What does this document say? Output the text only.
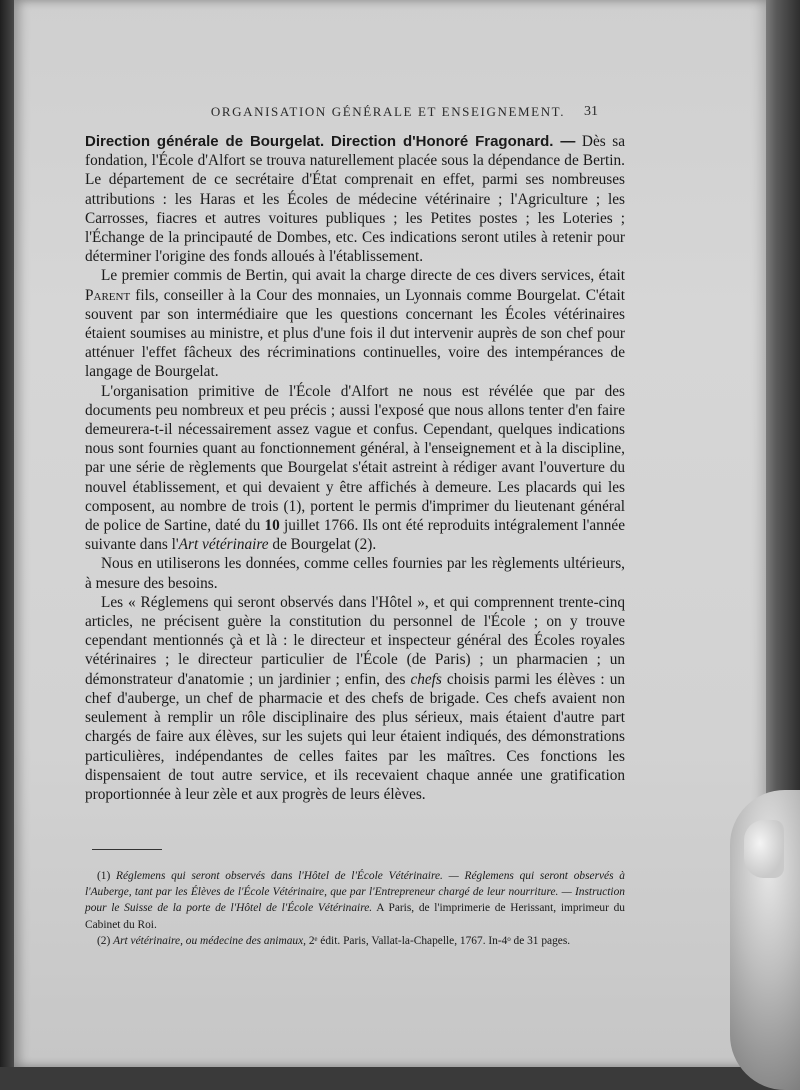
ORGANISATION GÉNÉRALE ET ENSEIGNEMENT.	31

Direction générale de Bourgelat. Direction d'Honoré Fragonard. — Dès sa fondation, l'École d'Alfort se trouva naturellement placée sous la dépendance de Bertin. Le département de ce secrétaire d'État comprenait en effet, parmi ses nombreuses attributions : les Haras et les Écoles de médecine vétérinaire ; l'Agriculture ; les Carrosses, fiacres et autres voitures publiques ; les Petites postes ; les Loteries ; l'Échange de la principauté de Dombes, etc. Ces indications seront utiles à retenir pour déterminer l'origine des fonds alloués à l'établissement.

Le premier commis de Bertin, qui avait la charge directe de ces divers services, était Parent fils, conseiller à la Cour des monnaies, un Lyonnais comme Bourgelat. C'était souvent par son intermédiaire que les questions concernant les Écoles vétérinaires étaient soumises au ministre, et plus d'une fois il dut intervenir auprès de son chef pour atténuer l'effet fâcheux des récriminations continuelles, voire des intempérances de langage de Bourgelat.

L'organisation primitive de l'École d'Alfort ne nous est révélée que par des documents peu nombreux et peu précis ; aussi l'exposé que nous allons tenter d'en faire demeurera-t-il nécessairement assez vague et confus. Cependant, quelques indications nous sont fournies quant au fonctionnement général, à l'enseignement et à la discipline, par une série de règlements que Bourgelat s'était astreint à rédiger avant l'ouverture du nouvel établissement, et qui devaient y être affichés à demeure. Les placards qui les composent, au nombre de trois (1), portent le permis d'imprimer du lieutenant général de police de Sartine, daté du 10 juillet 1766. Ils ont été reproduits intégralement l'année suivante dans l'Art vétérinaire de Bourgelat (2).

Nous en utiliserons les données, comme celles fournies par les règlements ultérieurs, à mesure des besoins.

Les « Réglemens qui seront observés dans l'Hôtel », et qui comprennent trente-cinq articles, ne précisent guère la constitution du personnel de l'École ; on y trouve cependant mentionnés çà et là : le directeur et inspecteur général des Écoles royales vétérinaires ; le directeur particulier de l'École (de Paris) ; un pharmacien ; un démonstrateur d'anatomie ; un jardinier ; enfin, des chefs choisis parmi les élèves : un chef d'auberge, un chef de pharmacie et des chefs de brigade. Ces chefs avaient non seulement à remplir un rôle disciplinaire des plus sérieux, mais étaient d'autre part chargés de faire aux élèves, sur les sujets qui leur étaient indiqués, des démonstrations particulières, indépendantes de celles faites par les maîtres. Ces fonctions les dispensaient de tout autre service, et ils recevaient chaque année une gratification proportionnée à leur zèle et aux progrès de leurs élèves.

(1) Réglemens qui seront observés dans l'Hôtel de l'École Vétérinaire. — Réglemens qui seront observés à l'Auberge, tant par les Élèves de l'École Vétérinaire, que par l'Entrepreneur chargé de leur nourriture. — Instruction pour le Suisse de la porte de l'Hôtel de l'École Vétérinaire. A Paris, de l'imprimerie de Herissant, imprimeur du Cabinet du Roi.

(2) Art vétérinaire, ou médecine des animaux, 2ᵉ édit. Paris, Vallat-la-Chapelle, 1767. In-4ᵒ de 31 pages.
